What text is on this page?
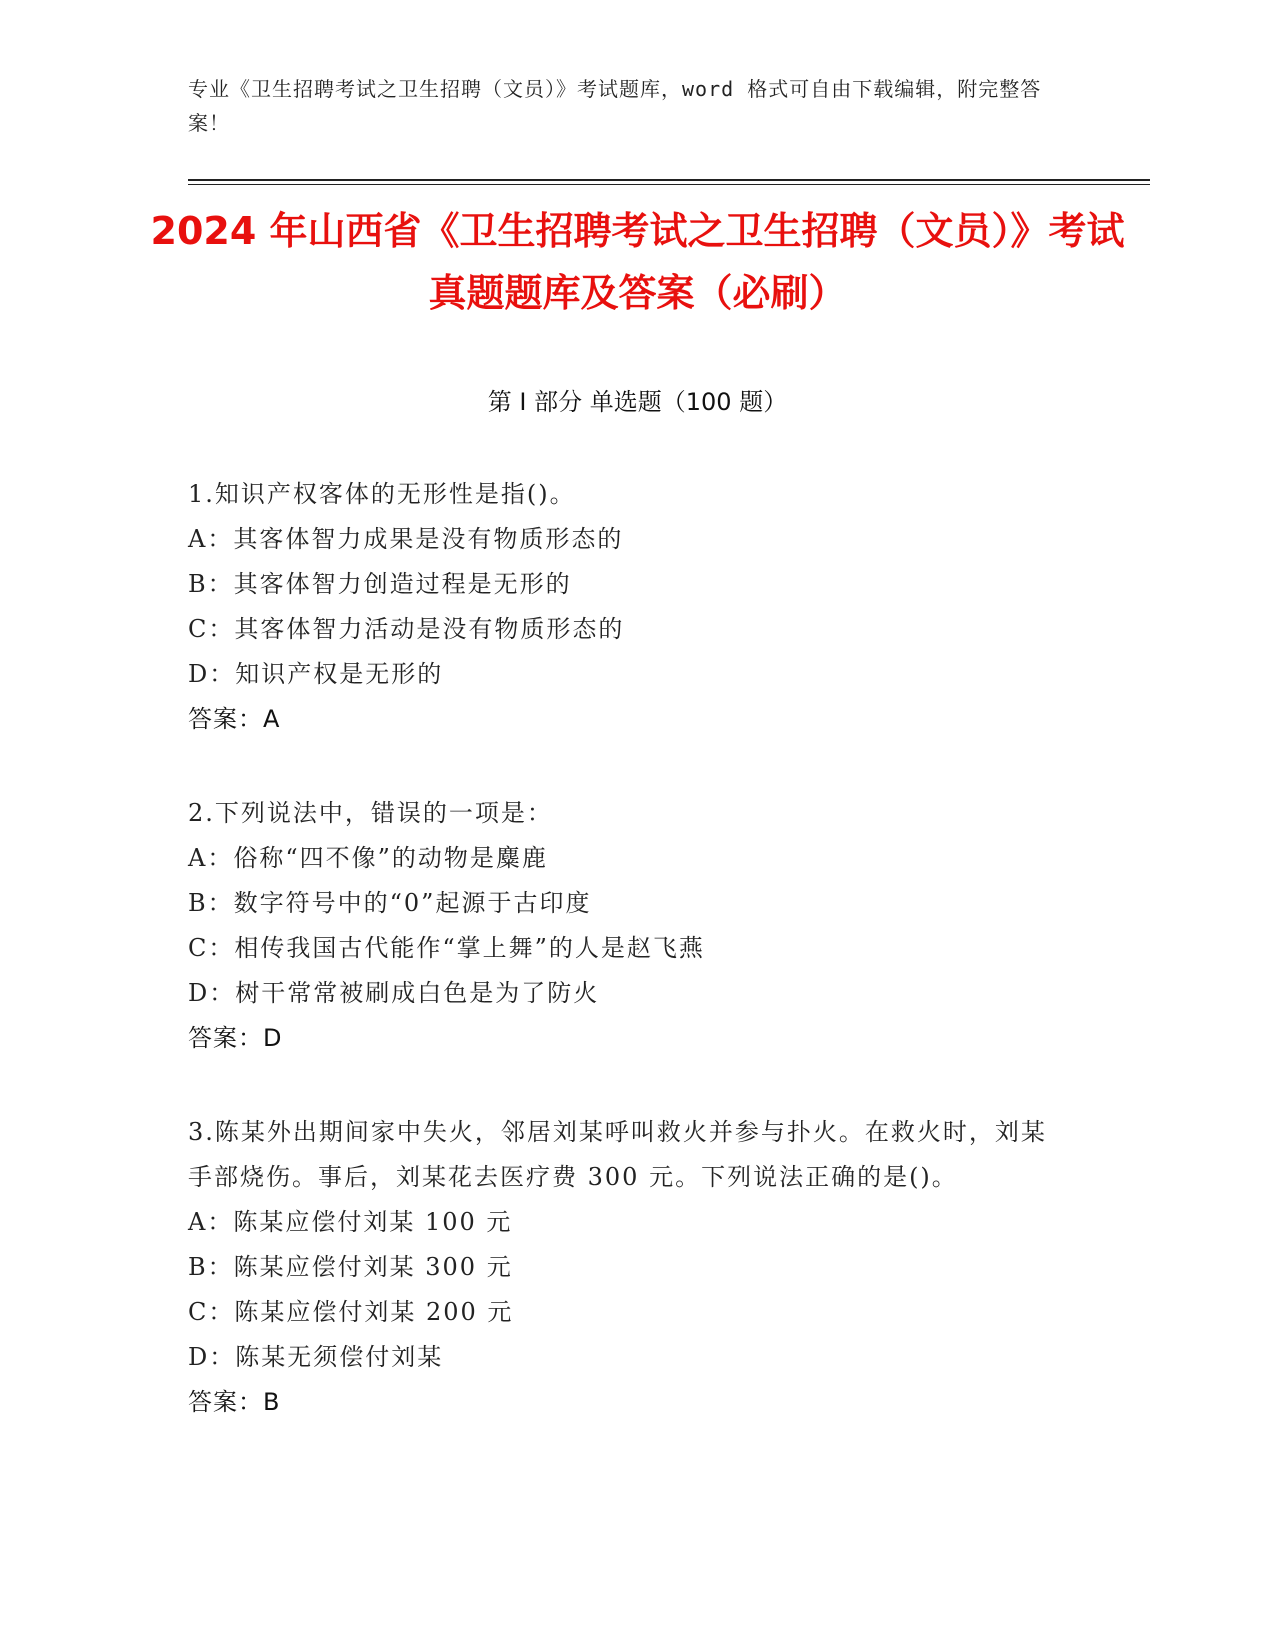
专业《卫生招聘考试之卫生招聘（文员）》考试题库，word 格式可自由下载编辑，附完整答案！
2024 年山西省《卫生招聘考试之卫生招聘（文员）》考试真题题库及答案（必刷）
第 I 部分 单选题（100 题）
1.知识产权客体的无形性是指()。
A：其客体智力成果是没有物质形态的
B：其客体智力创造过程是无形的
C：其客体智力活动是没有物质形态的
D：知识产权是无形的
答案：A
2.下列说法中，错误的一项是：
A：俗称“四不像”的动物是麋鹿
B：数字符号中的“0”起源于古印度
C：相传我国古代能作“掌上舞”的人是赵飞燕
D：树干常常被刷成白色是为了防火
答案：D
3.陈某外出期间家中失火，邻居刘某呼叫救火并参与扑火。在救火时，刘某手部烧伤。事后，刘某花去医疗费 300 元。下列说法正确的是()。
A：陈某应偿付刘某 100 元
B：陈某应偿付刘某 300 元
C：陈某应偿付刘某 200 元
D：陈某无须偿付刘某
答案：B
